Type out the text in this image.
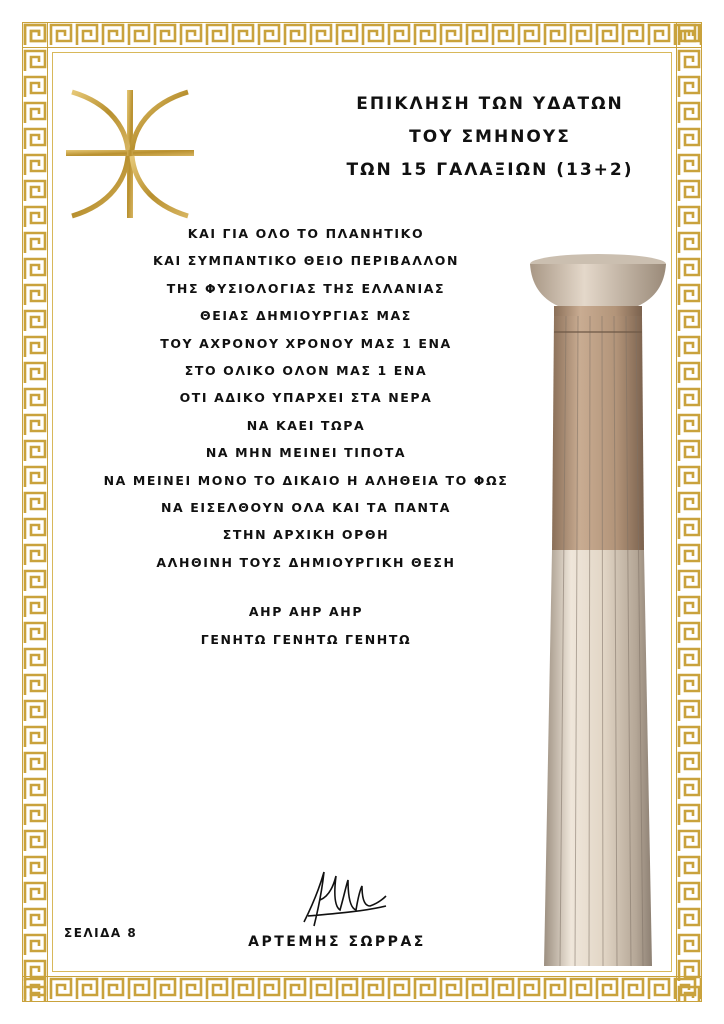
ΕΠΙΚΛΗΣΗ ΤΩΝ ΥΔΑΤΩΝ
ΤΟΥ ΣΜΗΝΟΥΣ
ΤΩΝ 15 ΓΑΛΑΞΙΩΝ (13+2)
ΚΑΙ ΓΙΑ ΟΛΟ ΤΟ ΠΛΑΝΗΤΙΚΟ
ΚΑΙ ΣΥΜΠΑΝΤΙΚΟ ΘΕΙΟ ΠΕΡΙΒΑΛΛΟΝ
ΤΗΣ ΦΥΣΙΟΛΟΓΙΑΣ ΤΗΣ ΕΛΛΑΝΙΑΣ
ΘΕΙΑΣ ΔΗΜΙΟΥΡΓΙΑΣ ΜΑΣ
ΤΟΥ ΑΧΡΟΝΟΥ ΧΡΟΝΟΥ ΜΑΣ 1 ΕΝΑ
ΣΤΟ ΟΛΙΚΟ ΟΛΟΝ ΜΑΣ 1 ΕΝΑ
ΟΤΙ ΑΔΙΚΟ ΥΠΑΡΧΕΙ ΣΤΑ ΝΕΡΑ
ΝΑ ΚΑΕΙ ΤΩΡΑ
ΝΑ ΜΗΝ ΜΕΙΝΕΙ ΤΙΠΟΤΑ
ΝΑ ΜΕΙΝΕΙ ΜΟΝΟ ΤΟ ΔΙΚΑΙΟ Η ΑΛΗΘΕΙΑ ΤΟ ΦΩΣ
ΝΑ ΕΙΣΕΛΘΟΥΝ ΟΛΑ ΚΑΙ ΤΑ ΠΑΝΤΑ
ΣΤΗΝ ΑΡΧΙΚΗ ΟΡΘΗ
ΑΛΗΘΙΝΗ ΤΟΥΣ ΔΗΜΙΟΥΡΓΙΚΗ ΘΕΣΗ
ΑΗΡ ΑΗΡ ΑΗΡ
ΓΕΝΗΤΩ ΓΕΝΗΤΩ ΓΕΝΗΤΩ
ΣΕΛΙΔΑ 8
ΑΡΤΕΜΗΣ ΣΩΡΡΑΣ
